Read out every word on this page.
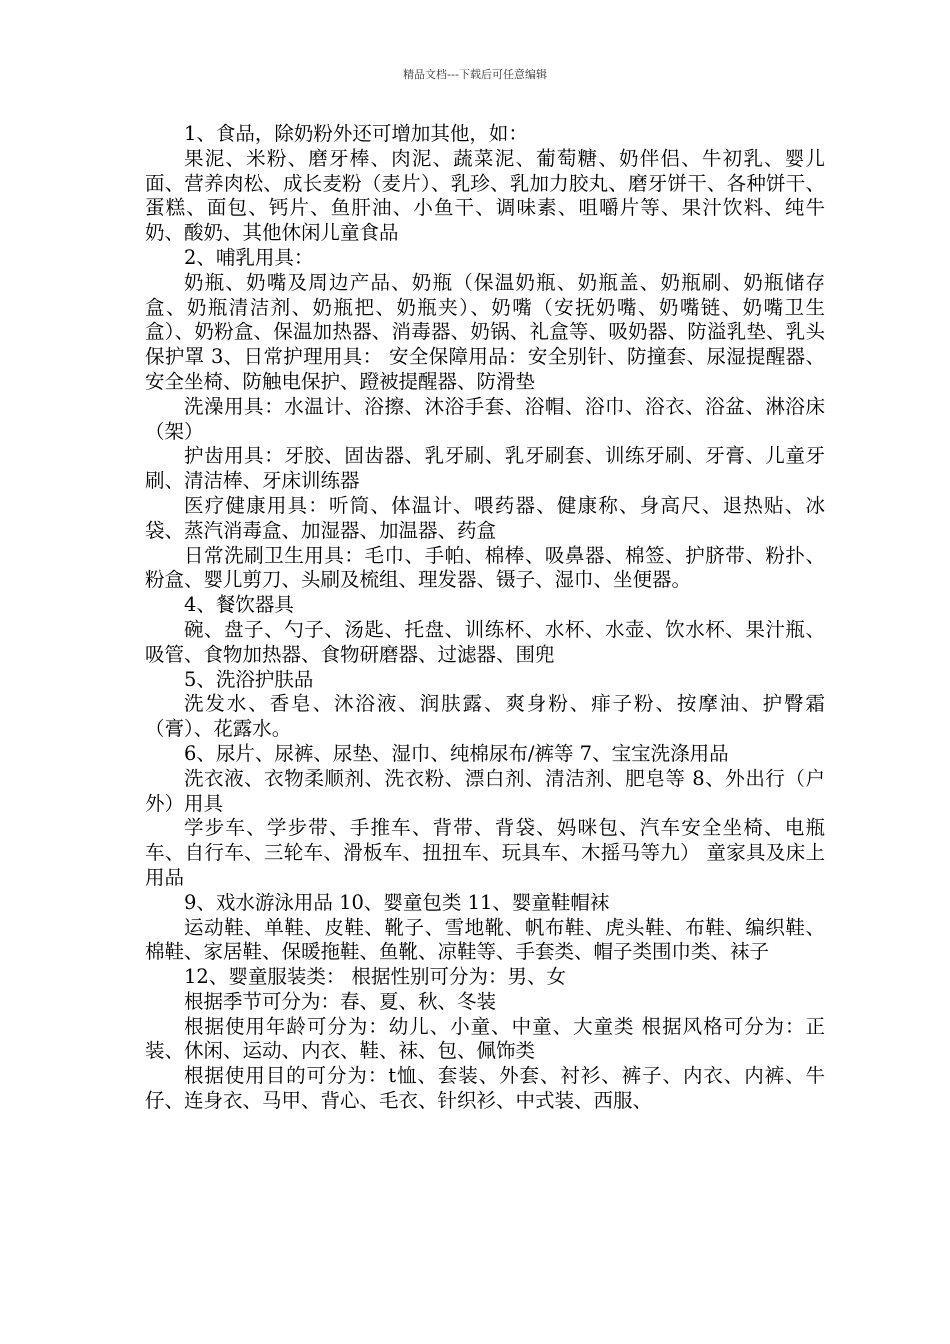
精品文档---下载后可任意编辑

1、食品，除奶粉外还可增加其他，如：

果泥、米粉、磨牙棒、肉泥、蔬菜泥、葡萄糖、奶伴侣、牛初乳、婴儿面、营养肉松、成长麦粉（麦片）、乳珍、乳加力胶丸、磨牙饼干、各种饼干、蛋糕、面包、钙片、鱼肝油、小鱼干、调味素、咀嚼片等、果汁饮料、纯牛奶、酸奶、其他休闲儿童食品

2、哺乳用具：

奶瓶、奶嘴及周边产品、奶瓶（保温奶瓶、奶瓶盖、奶瓶刷、奶瓶储存盒、奶瓶清洁剂、奶瓶把、奶瓶夹）、奶嘴（安抚奶嘴、奶嘴链、奶嘴卫生盒）、奶粉盒、保温加热器、消毒器、奶锅、礼盒等、吸奶器、防溢乳垫、乳头保护罩 3、日常护理用具： 安全保障用品：安全别针、防撞套、尿湿提醒器、安全坐椅、防触电保护、蹬被提醒器、防滑垫

洗澡用具：水温计、浴擦、沐浴手套、浴帽、浴巾、浴衣、浴盆、淋浴床（架）

护齿用具：牙胶、固齿器、乳牙刷、乳牙刷套、训练牙刷、牙膏、儿童牙刷、清洁棒、牙床训练器

医疗健康用具：听筒、体温计、喂药器、健康称、身高尺、退热贴、冰袋、蒸汽消毒盒、加湿器、加温器、药盒

日常洗刷卫生用具：毛巾、手帕、棉棒、吸鼻器、棉签、护脐带、粉扑、粉盒、婴儿剪刀、头刷及梳组、理发器、镊子、湿巾、坐便器。

4、餐饮器具

碗、盘子、勺子、汤匙、托盘、训练杯、水杯、水壶、饮水杯、果汁瓶、吸管、食物加热器、食物研磨器、过滤器、围兜

5、洗浴护肤品

洗发水、香皂、沐浴液、润肤露、爽身粉、痱子粉、按摩油、护臀霜（膏）、花露水。

6、尿片、尿裤、尿垫、湿巾、纯棉尿布/裤等 7、宝宝洗涤用品

洗衣液、衣物柔顺剂、洗衣粉、漂白剂、清洁剂、肥皂等 8、外出行（户外）用具

学步车、学步带、手推车、背带、背袋、妈咪包、汽车安全坐椅、电瓶车、自行车、三轮车、滑板车、扭扭车、玩具车、木摇马等九） 童家具及床上用品

9、戏水游泳用品 10、婴童包类 11、婴童鞋帽袜

运动鞋、单鞋、皮鞋、靴子、雪地靴、帆布鞋、虎头鞋、布鞋、编织鞋、棉鞋、家居鞋、保暖拖鞋、鱼靴、凉鞋等、手套类、帽子类围巾类、袜子

12、婴童服装类： 根据性别可分为：男、女

根据季节可分为：春、夏、秋、冬装

根据使用年龄可分为：幼儿、小童、中童、大童类 根据风格可分为：正装、休闲、运动、内衣、鞋、袜、包、佩饰类

根据使用目的可分为：t恤、套装、外套、衬衫、裤子、内衣、内裤、牛仔、连身衣、马甲、背心、毛衣、针织衫、中式装、西服、
